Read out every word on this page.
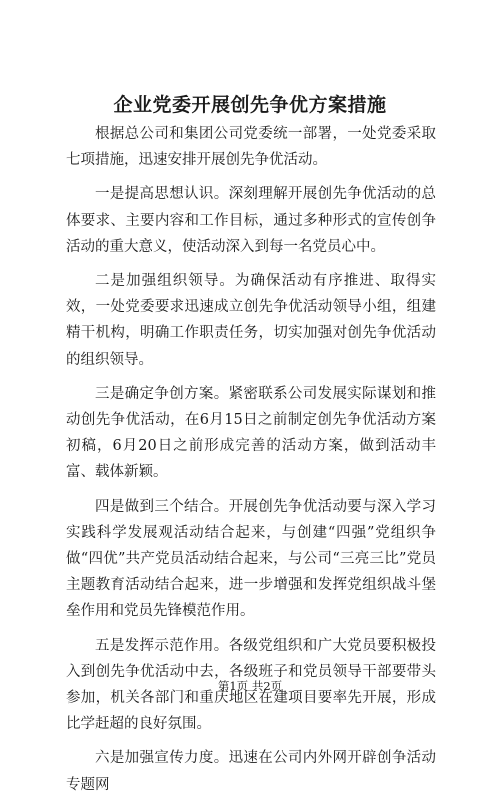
企业党委开展创先争优方案措施

根据总公司和集团公司党委统一部署，一处党委采取七项措施，迅速安排开展创先争优活动。

一是提高思想认识。深刻理解开展创先争优活动的总体要求、主要内容和工作目标，通过多种形式的宣传创争活动的重大意义，使活动深入到每一名党员心中。

二是加强组织领导。为确保活动有序推进、取得实效，一处党委要求迅速成立创先争优活动领导小组，组建精干机构，明确工作职责任务，切实加强对创先争优活动的组织领导。

三是确定争创方案。紧密联系公司发展实际谋划和推动创先争优活动，在6月15日之前制定创先争优活动方案初稿，6月20日之前形成完善的活动方案，做到活动丰富、载体新颖。

四是做到三个结合。开展创先争优活动要与深入学习实践科学发展观活动结合起来，与创建“四强”党组织争做“四优”共产党员活动结合起来，与公司“三亮三比”党员主题教育活动结合起来，进一步增强和发挥党组织战斗堡垒作用和党员先锋模范作用。

五是发挥示范作用。各级党组织和广大党员要积极投入到创先争优活动中去，各级班子和党员领导干部要带头参加，机关各部门和重庆地区在建项目要率先开展，形成比学赶超的良好氛围。

六是加强宣传力度。迅速在公司内外网开辟创争活动专题网

第1页 共2页
